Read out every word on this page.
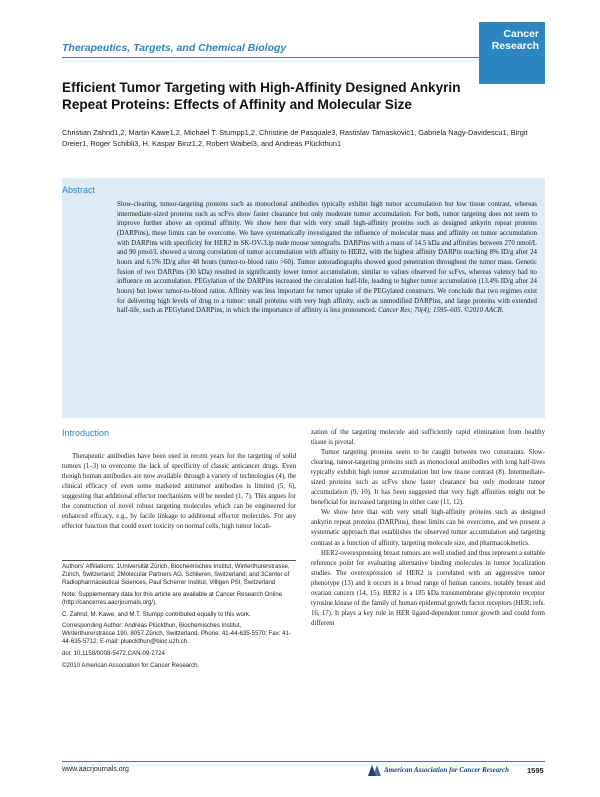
Therapeutics, Targets, and Chemical Biology
Cancer
Research
Efficient Tumor Targeting with High-Affinity Designed Ankyrin Repeat Proteins: Effects of Affinity and Molecular Size
Christian Zahnd1,2, Martin Kawe1,2, Michael T. Stumpp1,2, Christine de Pasquale3, Rastislav Tamaskovic1, Gabriela Nagy-Davidescu1, Birgit Dreier1, Roger Schibli3, H. Kaspar Binz1,2, Robert Waibel3, and Andreas Plückthun1
Abstract
Slow-clearing, tumor-targeting proteins such as monoclonal antibodies typically exhibit high tumor accumulation but low tissue contrast, whereas intermediate-sized proteins such as scFvs show faster clearance but only moderate tumor accumulation. For both, tumor targeting does not seem to improve further above an optimal affinity. We show here that with very small high-affinity proteins such as designed ankyrin repeat proteins (DARPins), these limits can be overcome. We have systematically investigated the influence of molecular mass and affinity on tumor accumulation with DARPins with specificity for HER2 in SK-OV-3.ip nude mouse xenografts. DARPins with a mass of 14.5 kDa and affinities between 270 nmol/L and 90 pmol/L showed a strong correlation of tumor accumulation with affinity to HER2, with the highest affinity DARPin reaching 8% ID/g after 24 hours and 6.5% ID/g after 48 hours (tumor-to-blood ratio >60). Tumor autoradiographs showed good penetration throughout the tumor mass. Genetic fusion of two DARPins (30 kDa) resulted in significantly lower tumor accumulation, similar to values observed for scFvs, whereas valency had no influence on accumulation. PEGylation of the DARPins increased the circulation half-life, leading to higher tumor accumulation (13.4% ID/g after 24 hours) but lower tumor-to-blood ratios. Affinity was less important for tumor uptake of the PEGylated constructs. We conclude that two regimes exist for delivering high levels of drug to a tumor: small proteins with very high affinity, such as unmodified DARPins, and large proteins with extended half-life, such as PEGylated DARPins, in which the importance of affinity is less pronounced. Cancer Res; 70(4); 1595–605. ©2010 AACR.
Introduction

Therapeutic antibodies have been used in recent years for the targeting of solid tumors (1–3) to overcome the lack of specificity of classic anticancer drugs. Even though human antibodies are now available through a variety of technologies (4), the clinical efficacy of even some marketed antitumor antibodies is limited (5, 6), suggesting that additional effector mechanisms will be needed (1, 7). This argues for the construction of novel robust targeting molecules which can be engineered for enhanced efficacy, e.g., by facile linkage to additional effector molecules. For any effector function that could exert toxicity on normal cells, high tumor locali-

Authors' Affiliations: 1Universität Zürich, Biochemisches Institut, Winterthurerstrasse, Zürich, Switzerland; 2Molecular Partners AG, Schlieren, Switzerland; and 3Center of Radiopharmaceutical Sciences, Paul Scherrer Institut, Villigen PSI, Switzerland

Note: Supplementary data for this article are available at Cancer Research Online (http://cancerres.aacrjournals.org/).

C. Zahnd, M. Kawe, and M.T. Stumpp contributed equally to this work.

Corresponding Author: Andreas Plückthun, Biochemisches Institut, Winterthurerstrasse 190, 8057 Zürich, Switzerland. Phone: 41-44-635-5570; Fax: 41-44-635-5712; E-mail: plueckthun@bioc.uzh.ch.

doi: 10.1158/0008-5472.CAN-09-2724

©2010 American Association for Cancer Research.

zation of the targeting molecule and sufficiently rapid elimination from healthy tissue is pivotal.

Tumor targeting proteins seem to be caught between two constraints. Slow-clearing, tumor-targeting proteins such as monoclonal antibodies with long half-lives typically exhibit high tumor accumulation but low tissue contrast (8). Intermediate-sized proteins such as scFvs show faster clearance but only moderate tumor accumulation (9, 10). It has been suggested that very high affinities might not be beneficial for increased targeting in either case (11, 12).

We show here that with very small high-affinity proteins such as designed ankyrin repeat proteins (DARPins), these limits can be overcome, and we present a systematic approach that establishes the observed tumor accumulation and targeting contrast as a function of affinity, targeting molecule size, and pharmacokinetics.

HER2-overexpressing breast tumors are well studied and thus represent a suitable reference point for evaluating alternative binding molecules in tumor localization studies. The overexpression of HER2 is correlated with an aggressive tumor phenotype (13) and it occurs in a broad range of human cancers, notably breast and ovarian cancers (14, 15). HER2 is a 185 kDa transmembrane glycoprotein receptor tyrosine kinase of the family of human epidermal growth factor receptors (HER; refs. 16, 17). It plays a key role in HER ligand-dependent tumor growth and could form different

www.aacrjournals.org	American Association for Cancer Research 1595
